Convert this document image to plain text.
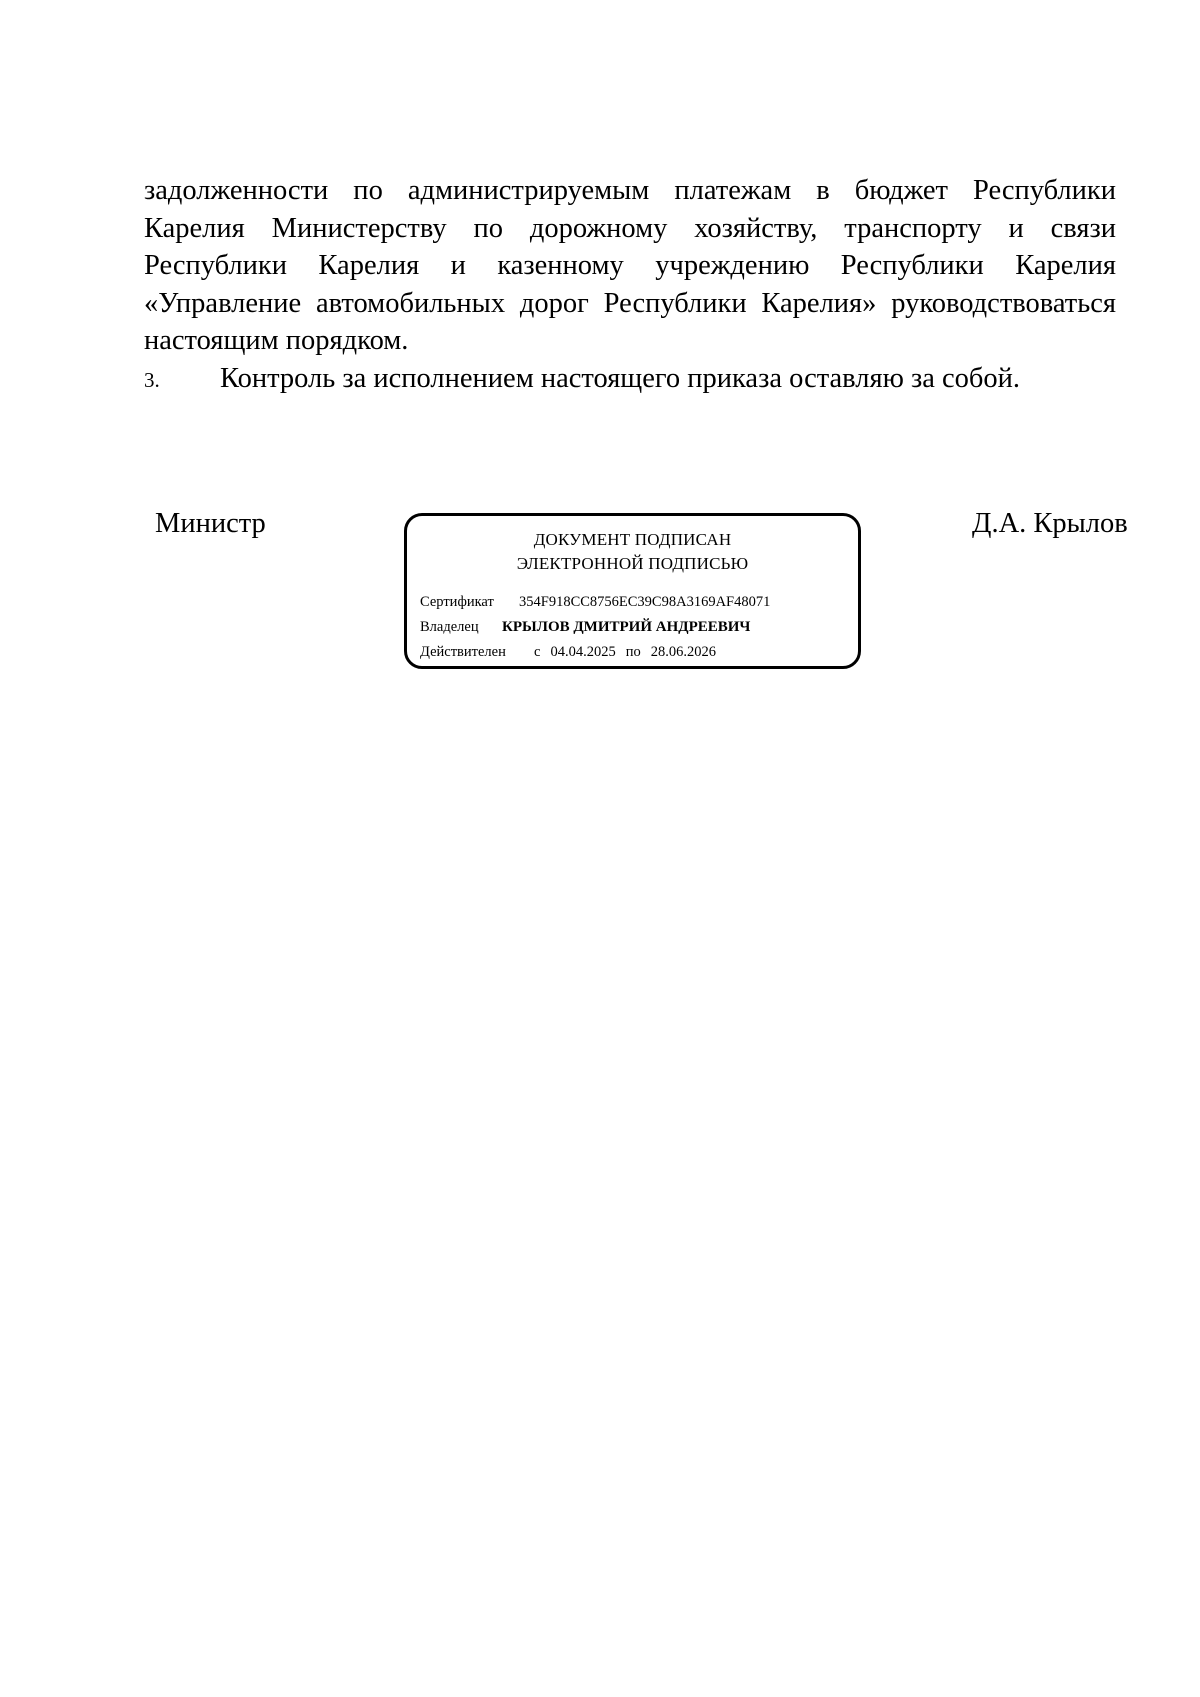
задолженности по администрируемым платежам в бюджет Республики Карелия Министерству по дорожному хозяйству, транспорту и связи Республики Карелия и казенному учреждению Республики Карелия «Управление автомобильных дорог Республики Карелия» руководствоваться настоящим порядком.

3.	Контроль за исполнением настоящего приказа оставляю за собой.

Министр
ДОКУМЕНТ ПОДПИСАН
ЭЛЕКТРОННОЙ ПОДПИСЬЮ
Сертификат 354F918CC8756EC39C98A3169AF48071
Владелец КРЫЛОВ ДМИТРИЙ АНДРЕЕВИЧ
Действителен с 04.04.2025 по 28.06.2026
Д.А. Крылов
